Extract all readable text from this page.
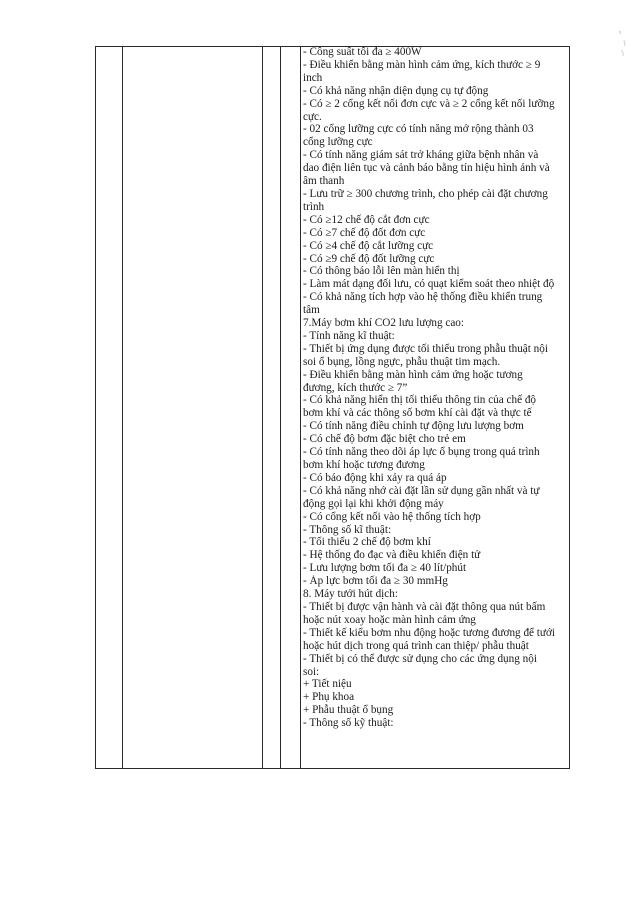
- Công suất tối đa ≥ 400W
- Điều khiển bằng màn hình cảm ứng, kích thước ≥ 9
inch
- Có khả năng nhận diện dụng cụ tự động
- Có ≥ 2 cổng kết nối đơn cực và ≥ 2 cổng kết nối lưỡng
cực.
- 02 cổng lưỡng cực có tính năng mở rộng thành 03
cổng lưỡng cực
- Có tính năng giám sát trở kháng giữa bệnh nhân và
dao điện liên tục và cảnh báo bằng tín hiệu hình ảnh và
âm thanh
- Lưu trữ ≥ 300 chương trình, cho phép cài đặt chương
trình
- Có ≥12 chế độ cắt đơn cực
- Có ≥7 chế độ đốt đơn cực
- Có ≥4 chế độ cắt lưỡng cực
- Có ≥9 chế độ đốt lưỡng cực
- Có thông báo lỗi lên màn hiển thị
- Làm mát dạng đối lưu, có quạt kiểm soát theo nhiệt độ
- Có khả năng tích hợp vào hệ thống điều khiển trung
tâm
7.Máy bơm khí CO2 lưu lượng cao:
- Tính năng kĩ thuật:
- Thiết bị ứng dụng được tối thiểu trong phẫu thuật nội
soi ổ bụng, lồng ngực, phẫu thuật tim mạch.
- Điều khiển bằng màn hình cảm ứng hoặc tương
đương, kích thước ≥ 7”
- Có khả năng hiển thị tối thiểu thông tin của chế độ
bơm khí và các thông số bơm khí cài đặt và thực tế
- Có tính năng điều chỉnh tự động lưu lượng bơm
- Có chế độ bơm đặc biệt cho trẻ em
- Có tính năng theo dõi áp lực ổ bụng trong quá trình
bơm khí hoặc tương đương
- Có báo động khi xảy ra quá áp
- Có khả năng nhớ cài đặt lần sử dụng gần nhất và tự
động gọi lại khi khởi động máy
- Có cổng kết nối vào hệ thống tích hợp
- Thông số kĩ thuật:
- Tối thiểu 2 chế độ bơm khí
- Hệ thống đo đạc và điều khiển điện tử
- Lưu lượng bơm tối đa ≥ 40 lít/phút
- Áp lực bơm tối đa ≥ 30 mmHg
8. Máy tưới hút dịch:
- Thiết bị được vận hành và cài đặt thông qua nút bấm
hoặc nút xoay hoặc màn hình cảm ứng
- Thiết kế kiểu bơm nhu động hoặc tương đương để tưới
hoặc hút dịch trong quá trình can thiệp/ phẫu thuật
- Thiết bị có thể được sử dụng cho các ứng dụng nội
soi:
+ Tiết niệu
+ Phụ khoa
+ Phẫu thuật ổ bụng
- Thông số kỹ thuật:
